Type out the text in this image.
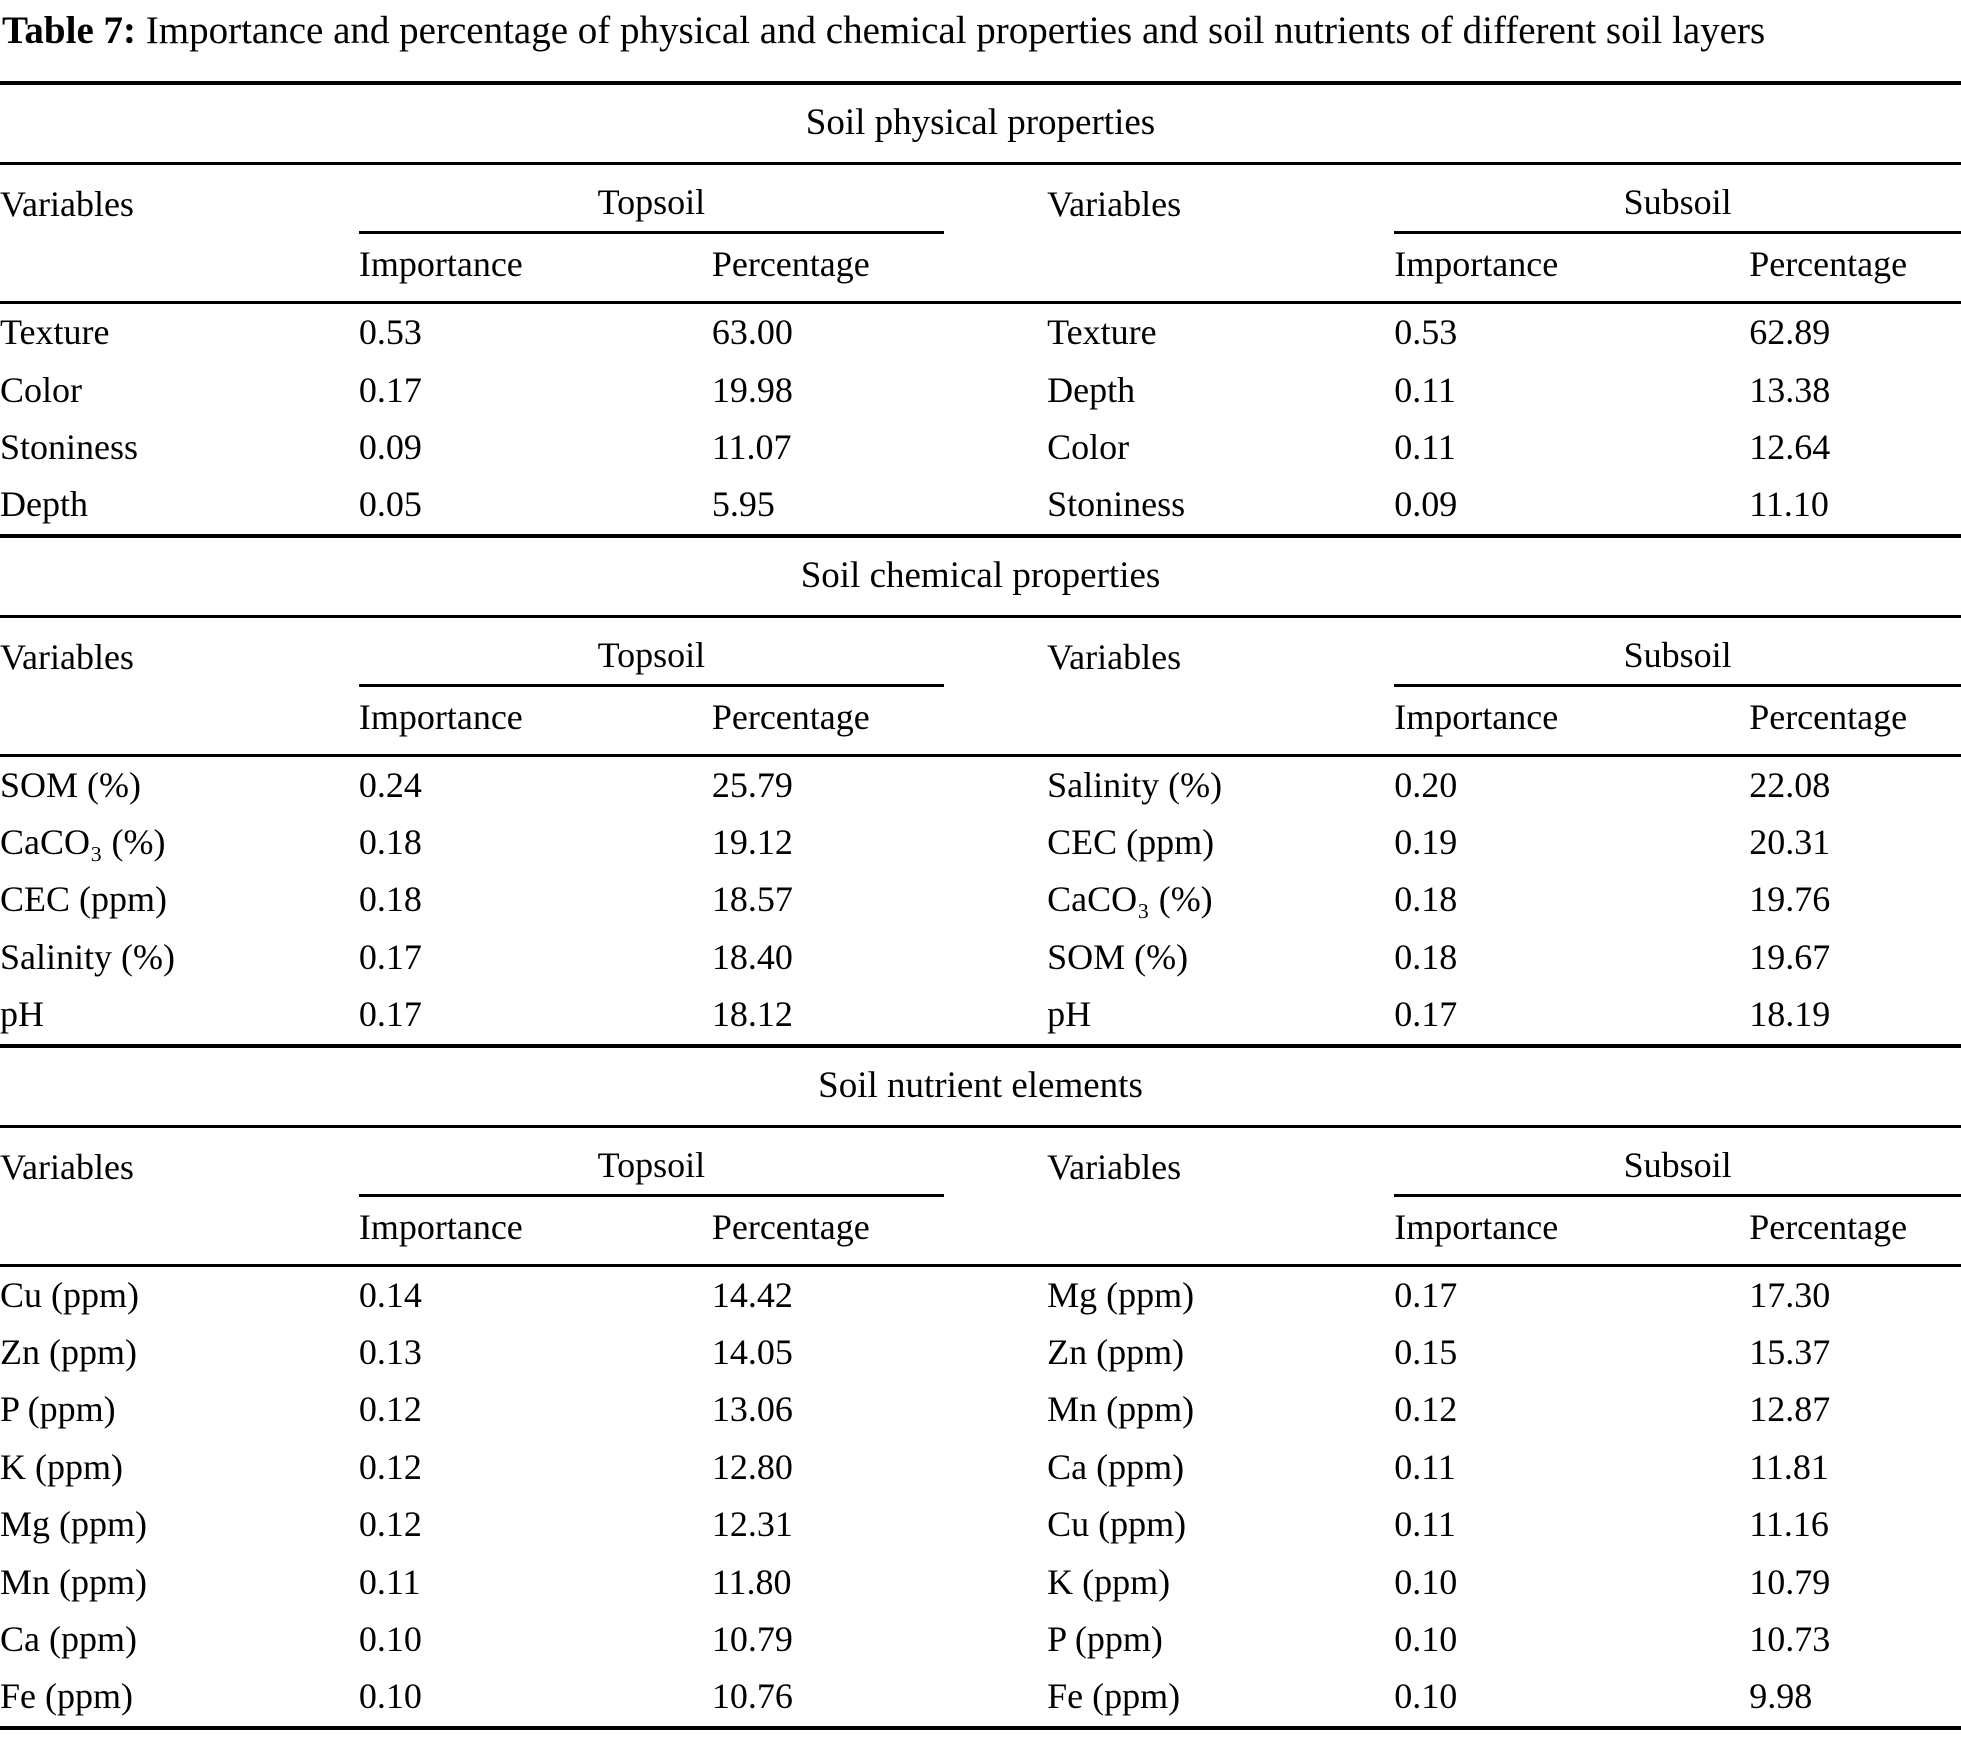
Table 7: Importance and percentage of physical and chemical properties and soil nutrients of different soil layers
Soil physical properties
Variables	Topsoil	Variables	Subsoil
Importance	Percentage	Importance	Percentage
Texture	0.53	63.00	Texture	0.53	62.89
Color	0.17	19.98	Depth	0.11	13.38
Stoniness	0.09	11.07	Color	0.11	12.64
Depth	0.05	5.95	Stoniness	0.09	11.10
Soil chemical properties
Variables	Topsoil	Variables	Subsoil
Importance	Percentage	Importance	Percentage
SOM (%)	0.24	25.79	Salinity (%)	0.20	22.08
CaCO₃ (%)	0.18	19.12	CEC (ppm)	0.19	20.31
CEC (ppm)	0.18	18.57	CaCO₃ (%)	0.18	19.76
Salinity (%)	0.17	18.40	SOM (%)	0.18	19.67
pH	0.17	18.12	pH	0.17	18.19
Soil nutrient elements
Variables	Topsoil	Variables	Subsoil
Importance	Percentage	Importance	Percentage
Cu (ppm)	0.14	14.42	Mg (ppm)	0.17	17.30
Zn (ppm)	0.13	14.05	Zn (ppm)	0.15	15.37
P (ppm)	0.12	13.06	Mn (ppm)	0.12	12.87
K (ppm)	0.12	12.80	Ca (ppm)	0.11	11.81
Mg (ppm)	0.12	12.31	Cu (ppm)	0.11	11.16
Mn (ppm)	0.11	11.80	K (ppm)	0.10	10.79
Ca (ppm)	0.10	10.79	P (ppm)	0.10	10.73
Fe (ppm)	0.10	10.76	Fe (ppm)	0.10	9.98
